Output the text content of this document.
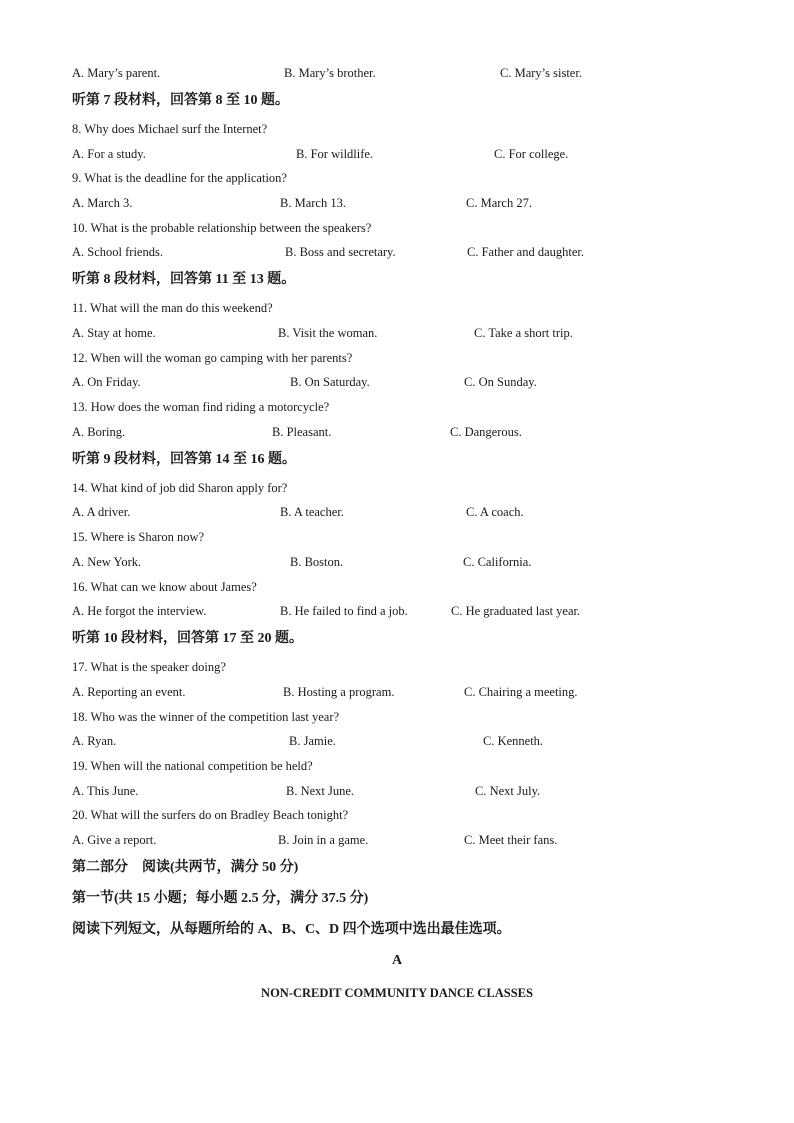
A. Mary’s parent.	B. Mary’s brother.	C. Mary’s sister.
听第 7 段材料，回答第 8 至 10 题。
8. Why does Michael surf the Internet?
A. For a study.	B. For wildlife.	C. For college.
9. What is the deadline for the application?
A. March 3.	B. March 13.	C. March 27.
10. What is the probable relationship between the speakers?
A. School friends.	B. Boss and secretary.	C. Father and daughter.
听第 8 段材料，回答第 11 至 13 题。
11. What will the man do this weekend?
A. Stay at home.	B. Visit the woman.	C. Take a short trip.
12. When will the woman go camping with her parents?
A. On Friday.	B. On Saturday.	C. On Sunday.
13. How does the woman find riding a motorcycle?
A. Boring.	B. Pleasant.	C. Dangerous.
听第 9 段材料，回答第 14 至 16 题。
14. What kind of job did Sharon apply for?
A. A driver.	B. A teacher.	C. A coach.
15. Where is Sharon now?
A. New York.	B. Boston.	C. California.
16. What can we know about James?
A. He forgot the interview.	B. He failed to find a job.	C. He graduated last year.
听第 10 段材料，回答第 17 至 20 题。
17. What is the speaker doing?
A. Reporting an event.	B. Hosting a program.	C. Chairing a meeting.
18. Who was the winner of the competition last year?
A. Ryan.	B. Jamie.	C. Kenneth.
19. When will the national competition be held?
A. This June.	B. Next June.	C. Next July.
20. What will the surfers do on Bradley Beach tonight?
A. Give a report.	B. Join in a game.	C. Meet their fans.
第二部分　阅读(共两节，满分 50 分)
第一节(共 15 小题；每小题 2.5 分，满分 37.5 分)
阅读下列短文，从每题所给的 A、B、C、D 四个选项中选出最佳选项。
A
NON-CREDIT COMMUNITY DANCE CLASSES
